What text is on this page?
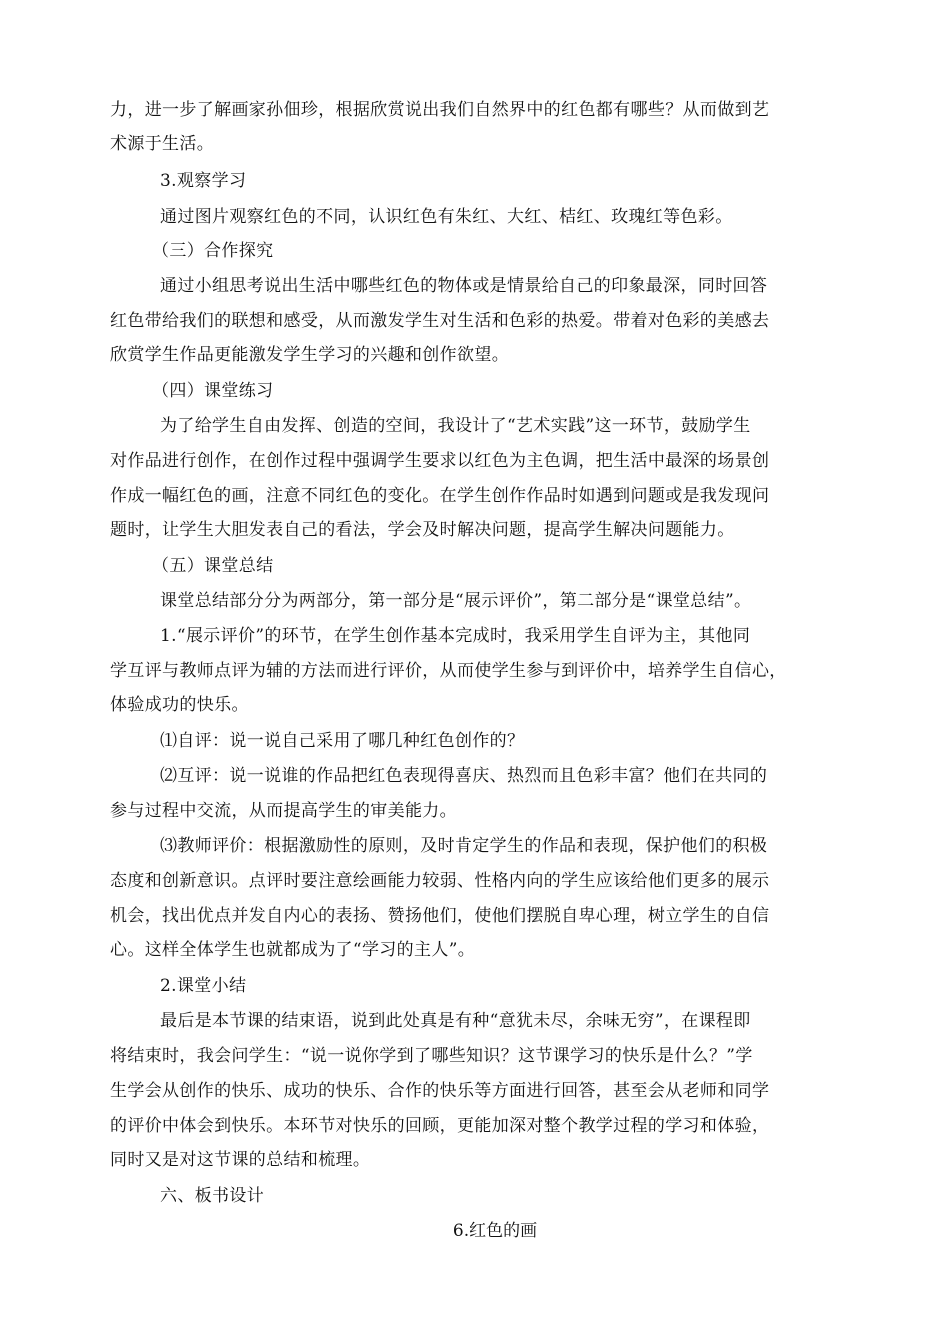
力，进一步了解画家孙佃珍，根据欣赏说出我们自然界中的红色都有哪些？从而做到艺
术源于生活。
3.观察学习
通过图片观察红色的不同，认识红色有朱红、大红、桔红、玫瑰红等色彩。
（三）合作探究
通过小组思考说出生活中哪些红色的物体或是情景给自己的印象最深，同时回答
红色带给我们的联想和感受，从而激发学生对生活和色彩的热爱。带着对色彩的美感去
欣赏学生作品更能激发学生学习的兴趣和创作欲望。
（四）课堂练习
为了给学生自由发挥、创造的空间，我设计了“艺术实践”这一环节，鼓励学生
对作品进行创作，在创作过程中强调学生要求以红色为主色调，把生活中最深的场景创
作成一幅红色的画，注意不同红色的变化。在学生创作作品时如遇到问题或是我发现问
题时，让学生大胆发表自己的看法，学会及时解决问题，提高学生解决问题能力。
（五）课堂总结
课堂总结部分分为两部分，第一部分是“展示评价”，第二部分是“课堂总结”。
1.“展示评价”的环节，在学生创作基本完成时，我采用学生自评为主，其他同
学互评与教师点评为辅的方法而进行评价，从而使学生参与到评价中，培养学生自信心，
体验成功的快乐。
⑴自评：说一说自己采用了哪几种红色创作的？
⑵互评：说一说谁的作品把红色表现得喜庆、热烈而且色彩丰富？他们在共同的
参与过程中交流，从而提高学生的审美能力。
⑶教师评价：根据激励性的原则，及时肯定学生的作品和表现，保护他们的积极
态度和创新意识。点评时要注意绘画能力较弱、性格内向的学生应该给他们更多的展示
机会，找出优点并发自内心的表扬、赞扬他们，使他们摆脱自卑心理，树立学生的自信
心。这样全体学生也就都成为了“学习的主人”。
2.课堂小结
最后是本节课的结束语，说到此处真是有种“意犹未尽，余味无穷”，在课程即
将结束时，我会问学生：“说一说你学到了哪些知识？这节课学习的快乐是什么？”学
生学会从创作的快乐、成功的快乐、合作的快乐等方面进行回答，甚至会从老师和同学
的评价中体会到快乐。本环节对快乐的回顾，更能加深对整个教学过程的学习和体验，
同时又是对这节课的总结和梳理。
六、板书设计
6.红色的画
